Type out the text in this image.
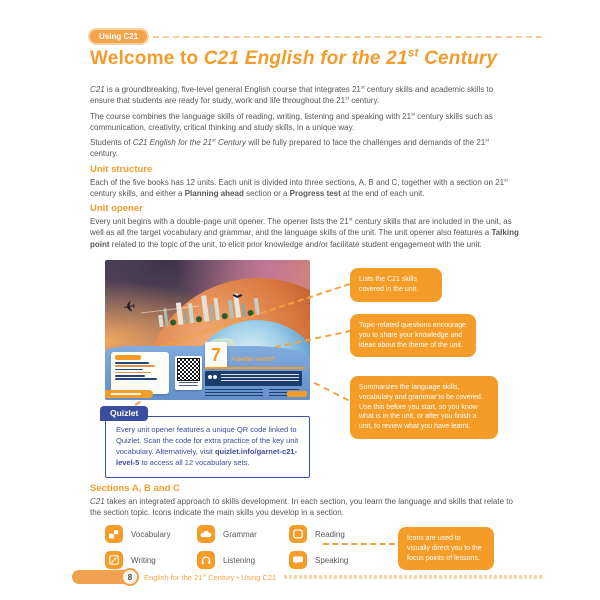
Using C21
Welcome to C21 English for the 21st Century

C21 is a groundbreaking, five-level general English course that integrates 21st century skills and academic skills to ensure that students are ready for study, work and life throughout the 21st century.

The course combines the language skills of reading, writing, listening and speaking with 21st century skills such as communication, creativity, critical thinking and study skills, in a unique way.

Students of C21 English for the 21st Century will be fully prepared to face the challenges and demands of the 21st century.

Unit structure

Each of the five books has 12 units. Each unit is divided into three sections, A, B and C, together with a section on 21st century skills, and either a Planning ahead section or a Progress test at the end of each unit.

Unit opener

Every unit begins with a double-page unit opener. The opener lists the 21st century skills that are included in the unit, as well as all the target vocabulary and grammar, and the language skills of the unit. The unit opener also features a Talking point related to the topic of the unit, to elicit prior knowledge and/or facilitate student engagement with the unit.

✈
7	A better world?
Lists the C21 skills covered in the unit.
Topic-related questions encourage you to share your knowledge and ideas about the theme of the unit.
Summarizes the language skills, vocabulary and grammar to be covered. Use this before you start, so you know what is in the unit, or after you finish a unit, to review what you have learnt.
Quizlet
Every unit opener features a unique QR code linked to Quizlet. Scan the code for extra practice of the key unit vocabulary. Alternatively, visit quizlet.info/garnet-c21-level-5 to access all 12 vocabulary sets.
Sections A, B and C

C21 takes an integrated approach to skills development. In each section, you learn the language and skills that relate to the section topic. Icons indicate the main skills you develop in a section.

Vocabulary	Grammar	Reading
Writing	Listening	Speaking
Icons are used to visually direct you to the focus points of lessons.
8	English for the 21st Century • Using C21
